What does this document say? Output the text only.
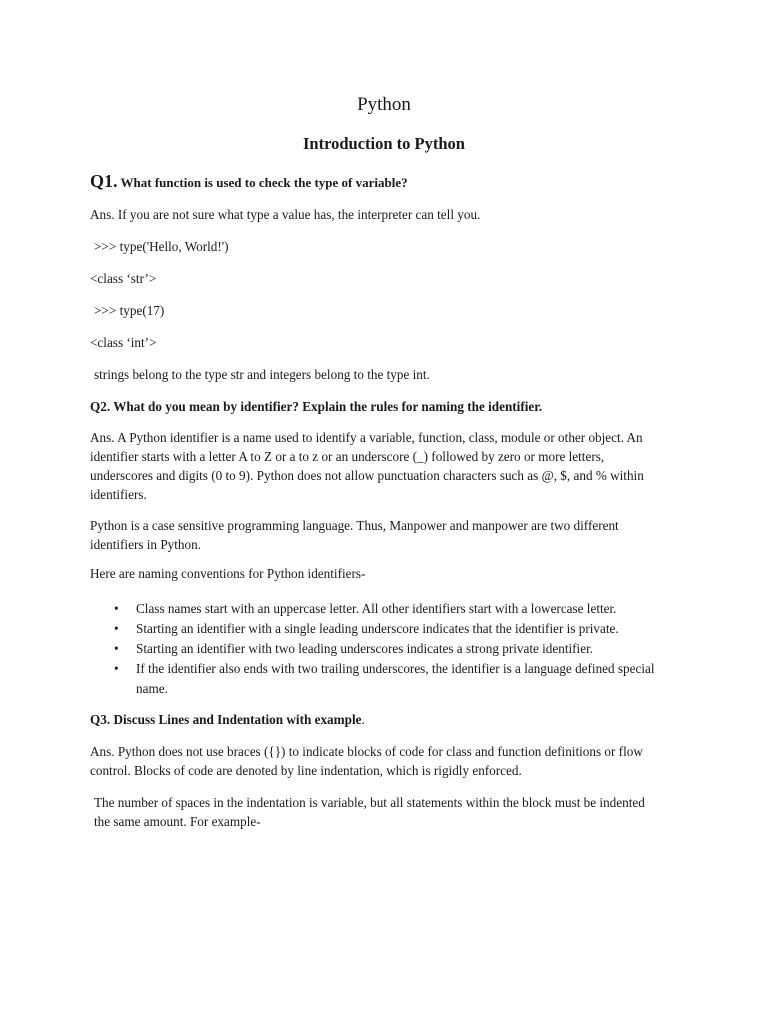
Python
Introduction to Python
Q1. What function is used to check the type of variable?
Ans. If you are not sure what type a value has, the interpreter can tell you.
>>> type('Hello, World!')
<class ‘str’>
>>> type(17)
<class ‘int’>
strings belong to the type str and integers belong to the type int.
Q2. What do you mean by identifier? Explain the rules for naming the identifier.
Ans. A Python identifier is a name used to identify a variable, function, class, module or other object. An identifier starts with a letter A to Z or a to z or an underscore (_) followed by zero or more letters, underscores and digits (0 to 9). Python does not allow punctuation characters such as @, $, and % within identifiers.
Python is a case sensitive programming language. Thus, Manpower and manpower are two different identifiers in Python.
Here are naming conventions for Python identifiers-
• Class names start with an uppercase letter. All other identifiers start with a lowercase letter.
• Starting an identifier with a single leading underscore indicates that the identifier is private.
• Starting an identifier with two leading underscores indicates a strong private identifier.
• If the identifier also ends with two trailing underscores, the identifier is a language defined special name.
Q3. Discuss Lines and Indentation with example.
Ans. Python does not use braces ({}) to indicate blocks of code for class and function definitions or flow control. Blocks of code are denoted by line indentation, which is rigidly enforced.
The number of spaces in the indentation is variable, but all statements within the block must be indented the same amount. For example-
